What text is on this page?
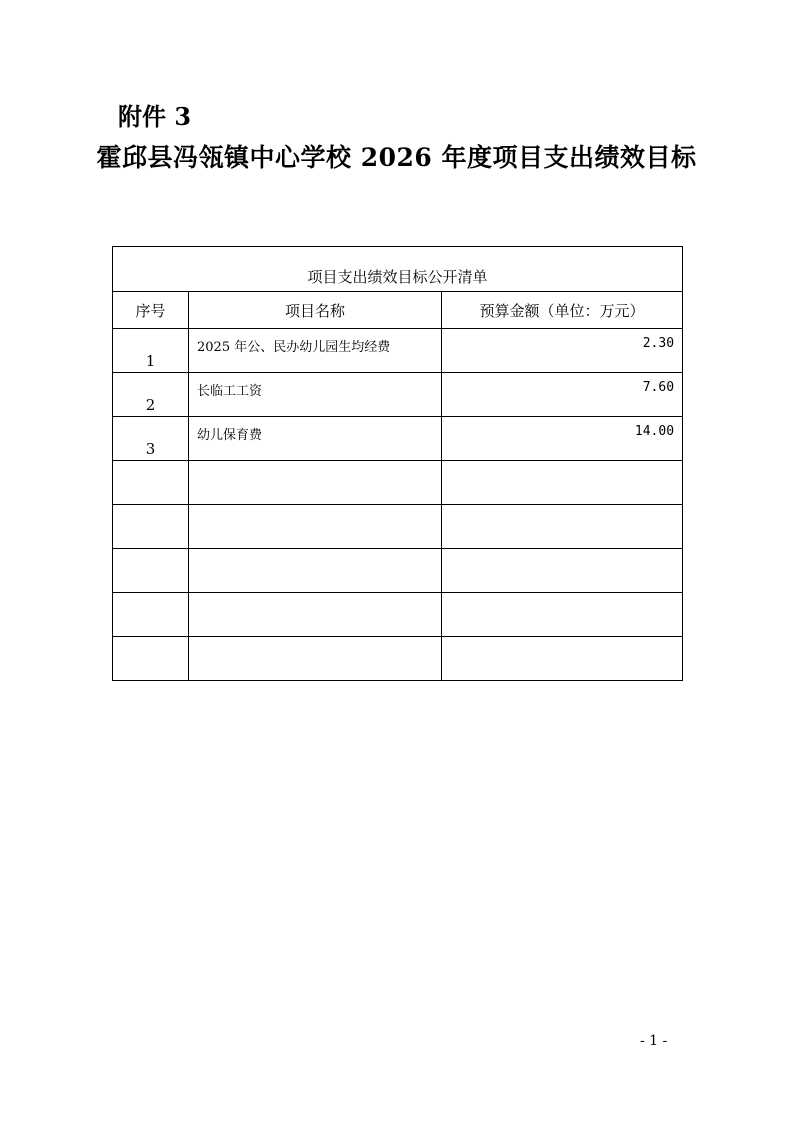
附件 3
霍邱县冯瓴镇中心学校 2026 年度项目支出绩效目标
项目支出绩效目标公开清单		
序号	项目名称	预算金额（单位：万元）
1	2025 年公、民办幼儿园生均经费	2.30
2	长临工工资	7.60
3	幼儿保育费	14.00

- 1 -
